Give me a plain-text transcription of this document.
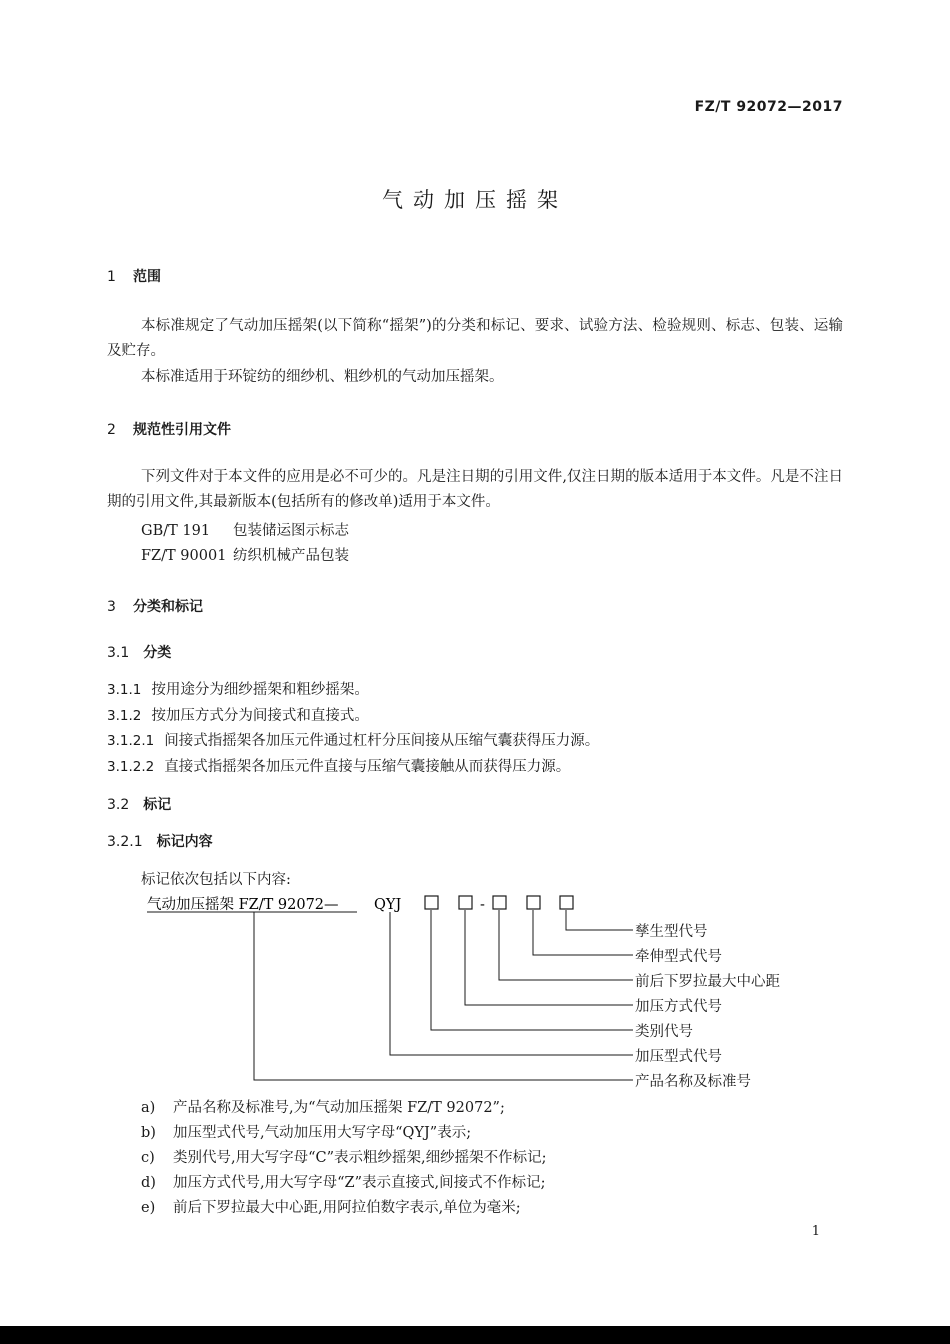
FZ/T 92072—2017
气动加压摇架
1 范围
本标准规定了气动加压摇架(以下简称“摇架”)的分类和标记、要求、试验方法、检验规则、标志、包装、运输及贮存。
本标准适用于环锭纺的细纱机、粗纱机的气动加压摇架。
2 规范性引用文件
下列文件对于本文件的应用是必不可少的。凡是注日期的引用文件,仅注日期的版本适用于本文件。凡是不注日期的引用文件,其最新版本(包括所有的修改单)适用于本文件。
GB/T 191 包装储运图示标志
FZ/T 90001 纺织机械产品包装
3 分类和标记
3.1 分类
3.1.1 按用途分为细纱摇架和粗纱摇架。
3.1.2 按加压方式分为间接式和直接式。
3.1.2.1 间接式指摇架各加压元件通过杠杆分压间接从压缩气囊获得压力源。
3.1.2.2 直接式指摇架各加压元件直接与压缩气囊接触从而获得压力源。
3.2 标记
3.2.1 标记内容
标记依次包括以下内容:
气动加压摇架 FZ/T 92072— QYJ	-
孳生型代号
牵伸型式代号
前后下罗拉最大中心距
加压方式代号
类别代号
加压型式代号
产品名称及标准号
a) 产品名称及标准号,为“气动加压摇架 FZ/T 92072”;
b) 加压型式代号,气动加压用大写字母“QYJ”表示;
c) 类别代号,用大写字母“C”表示粗纱摇架,细纱摇架不作标记;
d) 加压方式代号,用大写字母“Z”表示直接式,间接式不作标记;
e) 前后下罗拉最大中心距,用阿拉伯数字表示,单位为毫米;
1
